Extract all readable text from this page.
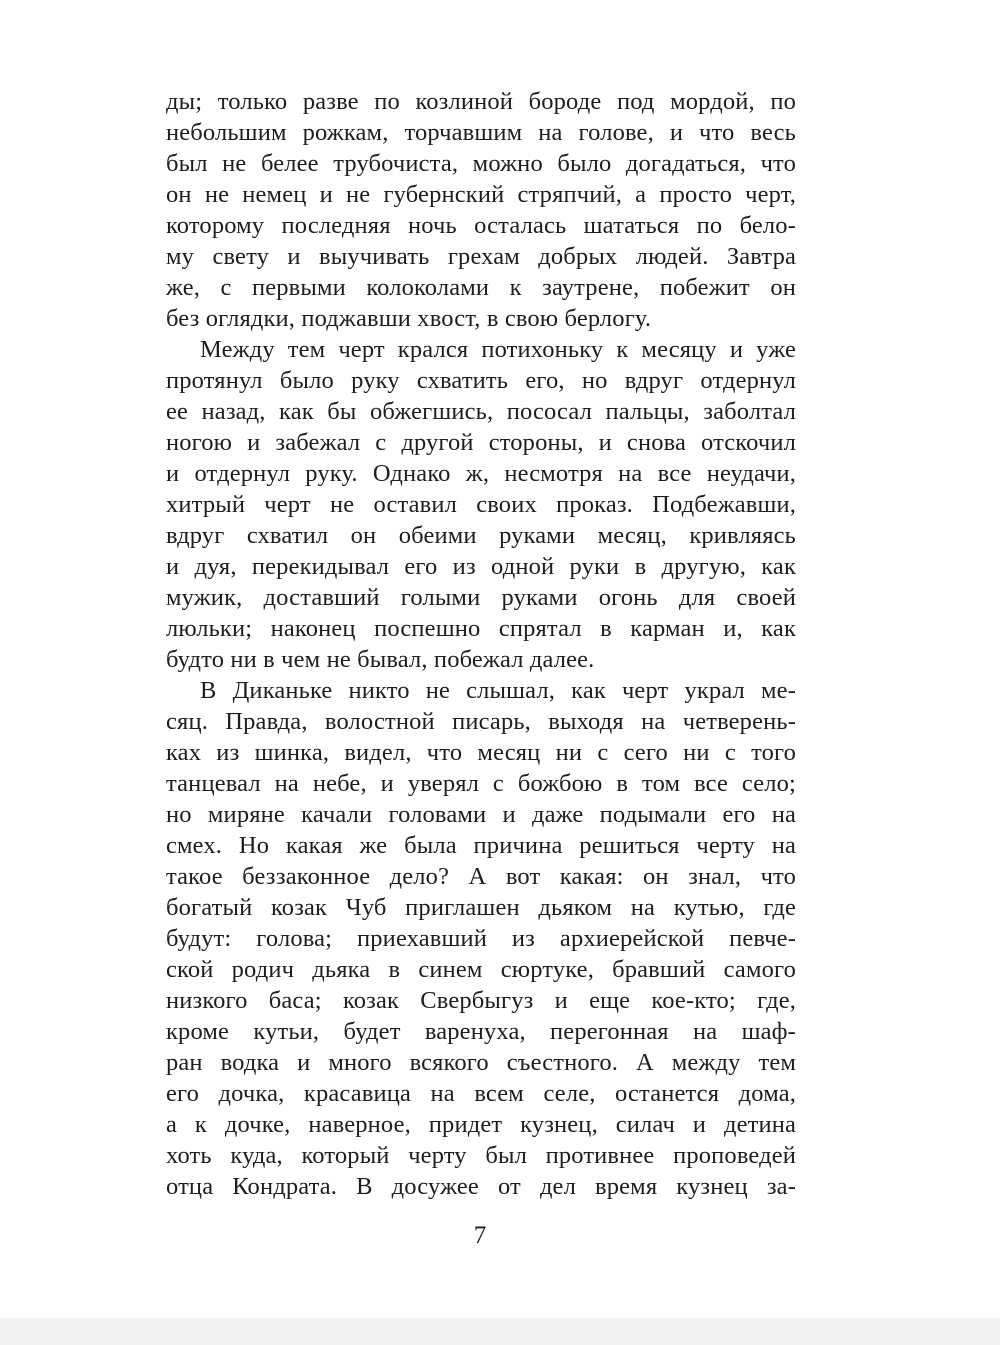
ды; только разве по козлиной бороде под мордой, по
небольшим рожкам, торчавшим на голове, и что весь
был не белее трубочиста, можно было догадаться, что
он не немец и не губернский стряпчий, а просто черт,
которому последняя ночь осталась шататься по бело-
му свету и выучивать грехам добрых людей. Завтра
же, с первыми колоколами к заутрене, побежит он
без оглядки, поджавши хвост, в свою берлогу.
Между тем черт крался потихоньку к месяцу и уже
протянул было руку схватить его, но вдруг отдернул
ее назад, как бы обжегшись, пососал пальцы, заболтал
ногою и забежал с другой стороны, и снова отскочил
и отдернул руку. Однако ж, несмотря на все неудачи,
хитрый черт не оставил своих проказ. Подбежавши,
вдруг схватил он обеими руками месяц, кривляясь
и дуя, перекидывал его из одной руки в другую, как
мужик, доставший голыми руками огонь для своей
люльки; наконец поспешно спрятал в карман и, как
будто ни в чем не бывал, побежал далее.
В Диканьке никто не слышал, как черт украл ме-
сяц. Правда, волостной писарь, выходя на четверень-
ках из шинка, видел, что месяц ни с сего ни с того
танцевал на небе, и уверял с божбою в том все село;
но миряне качали головами и даже подымали его на
смех. Но какая же была причина решиться черту на
такое беззаконное дело? А вот какая: он знал, что
богатый козак Чуб приглашен дьяком на кутью, где
будут: голова; приехавший из архиерейской певче-
ской родич дьяка в синем сюртуке, бравший самого
низкого баса; козак Свербыгуз и еще кое-кто; где,
кроме кутьи, будет варенуха, перегонная на шаф-
ран водка и много всякого съестного. А между тем
его дочка, красавица на всем селе, останется дома,
а к дочке, наверное, придет кузнец, силач и детина
хоть куда, который черту был противнее проповедей
отца Кондрата. В досужее от дел время кузнец за-
7
